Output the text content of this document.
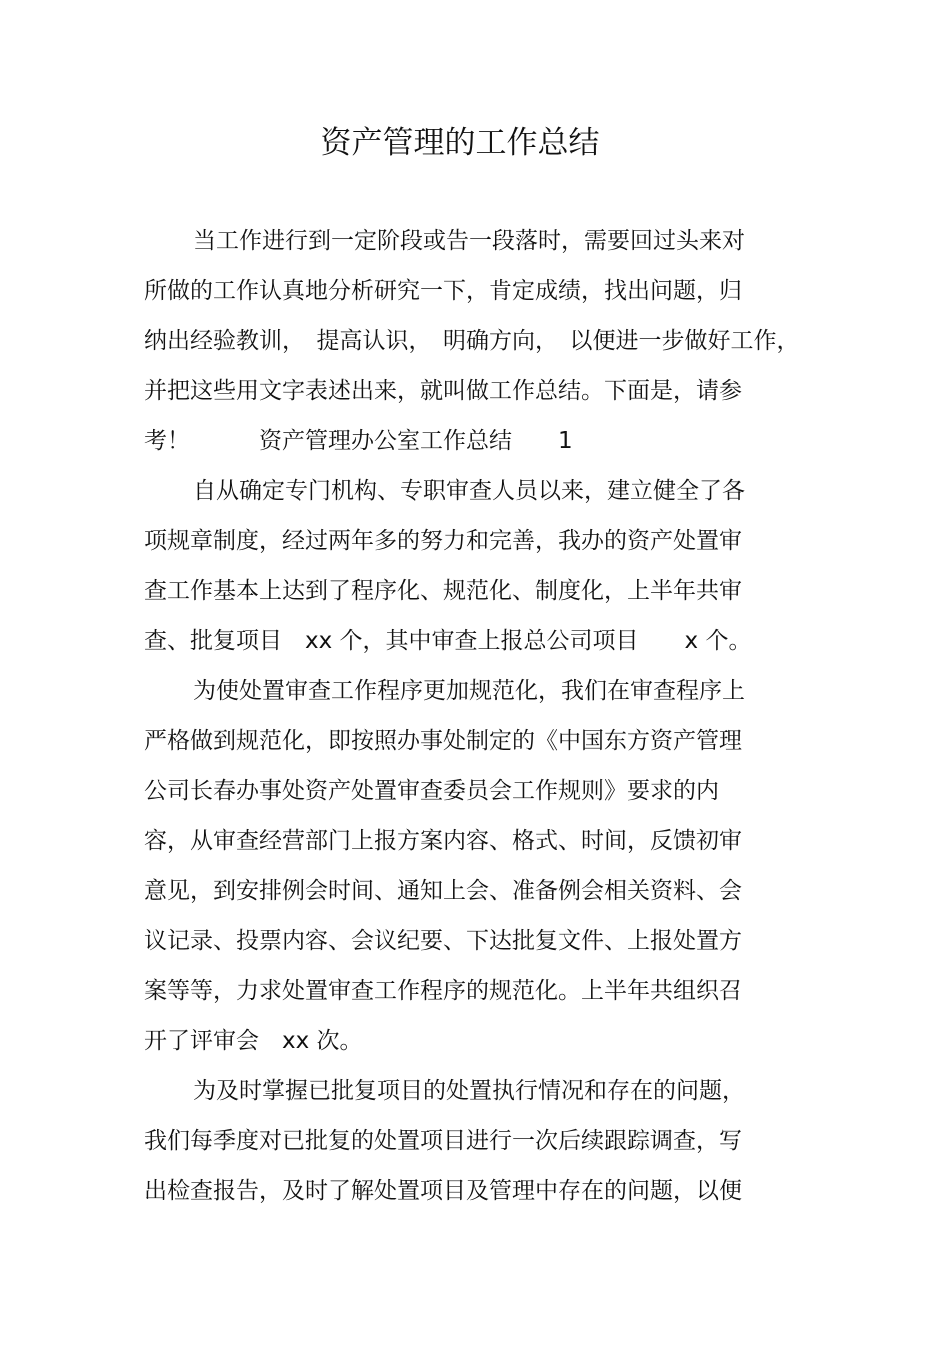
资产管理的工作总结
当工作进行到一定阶段或告一段落时，需要回过头来对
所做的工作认真地分析研究一下，肯定成绩，找出问题，归
纳出经验教训，　提高认识，　明确方向，　以便进一步做好工作，
并把这些用文字表述出来，就叫做工作总结。下面是，请参
考！　　　资产管理办公室工作总结　　1
自从确定专门机构、专职审查人员以来，建立健全了各
项规章制度，经过两年多的努力和完善，我办的资产处置审
查工作基本上达到了程序化、规范化、制度化，上半年共审
查、批复项目　xx 个，其中审查上报总公司项目　　x 个。
为使处置审查工作程序更加规范化，我们在审查程序上
严格做到规范化，即按照办事处制定的《中国东方资产管理
公司长春办事处资产处置审查委员会工作规则》要求的内
容，从审查经营部门上报方案内容、格式、时间，反馈初审
意见，到安排例会时间、通知上会、准备例会相关资料、会
议记录、投票内容、会议纪要、下达批复文件、上报处置方
案等等，力求处置审查工作程序的规范化。上半年共组织召
开了评审会　xx 次。
为及时掌握已批复项目的处置执行情况和存在的问题，
我们每季度对已批复的处置项目进行一次后续跟踪调查，写
出检查报告，及时了解处置项目及管理中存在的问题，以便
